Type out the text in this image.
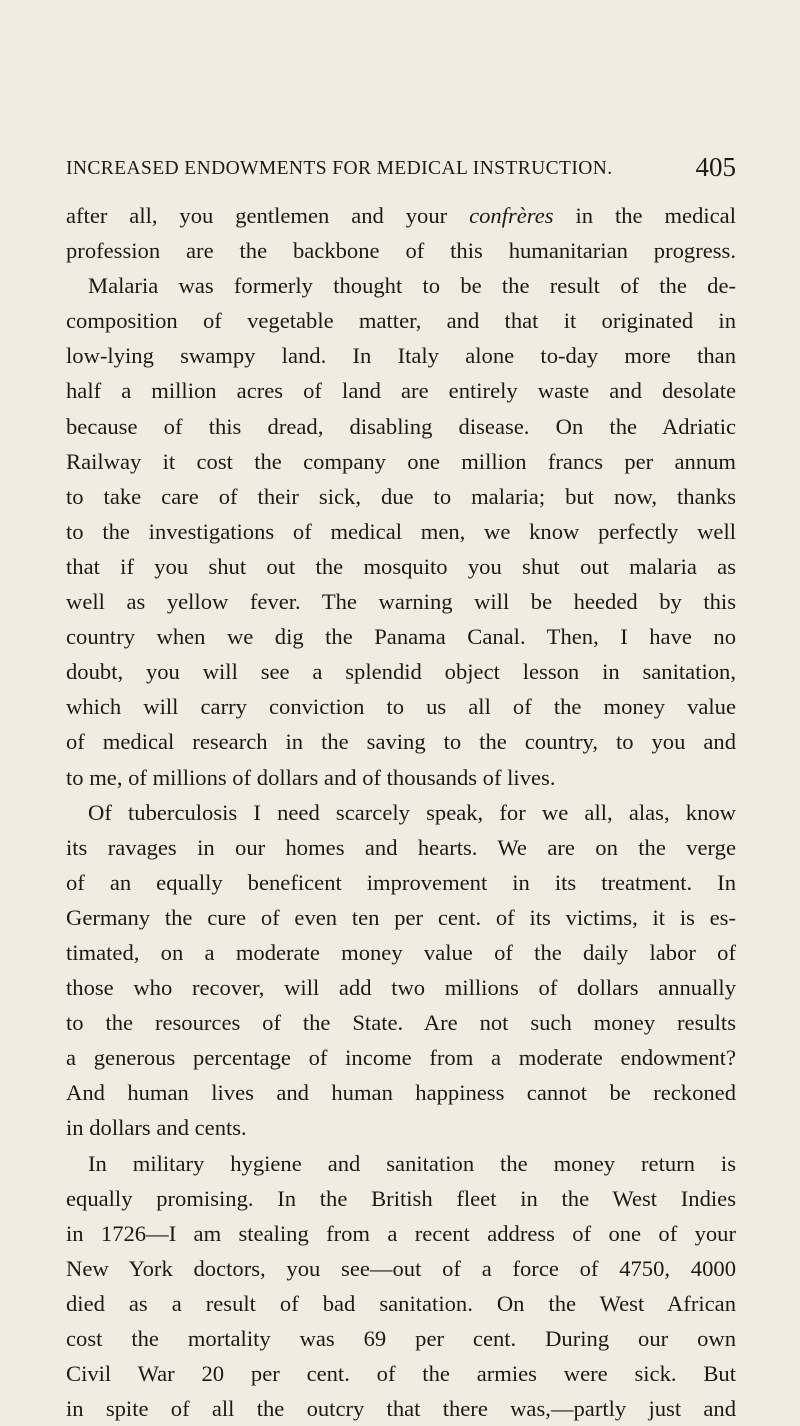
INCREASED ENDOWMENTS FOR MEDICAL INSTRUCTION.	405
after all, you gentlemen and your confrères in the medical
profession are the backbone of this humanitarian progress.
Malaria was formerly thought to be the result of the de-
composition of vegetable matter, and that it originated in
low-lying swampy land. In Italy alone to-day more than
half a million acres of land are entirely waste and desolate
because of this dread, disabling disease. On the Adriatic
Railway it cost the company one million francs per annum
to take care of their sick, due to malaria; but now, thanks
to the investigations of medical men, we know perfectly well
that if you shut out the mosquito you shut out malaria as
well as yellow fever. The warning will be heeded by this
country when we dig the Panama Canal. Then, I have no
doubt, you will see a splendid object lesson in sanitation,
which will carry conviction to us all of the money value
of medical research in the saving to the country, to you and
to me, of millions of dollars and of thousands of lives.
Of tuberculosis I need scarcely speak, for we all, alas, know
its ravages in our homes and hearts. We are on the verge
of an equally beneficent improvement in its treatment. In
Germany the cure of even ten per cent. of its victims, it is es-
timated, on a moderate money value of the daily labor of
those who recover, will add two millions of dollars annually
to the resources of the State. Are not such money results
a generous percentage of income from a moderate endowment?
And human lives and human happiness cannot be reckoned
in dollars and cents.
In military hygiene and sanitation the money return is
equally promising. In the British fleet in the West Indies
in 1726—I am stealing from a recent address of one of your
New York doctors, you see—out of a force of 4750, 4000
died as a result of bad sanitation. On the West African
cost the mortality was 69 per cent. During our own
Civil War 20 per cent. of the armies were sick. But
in spite of all the outcry that there was,—partly just and
